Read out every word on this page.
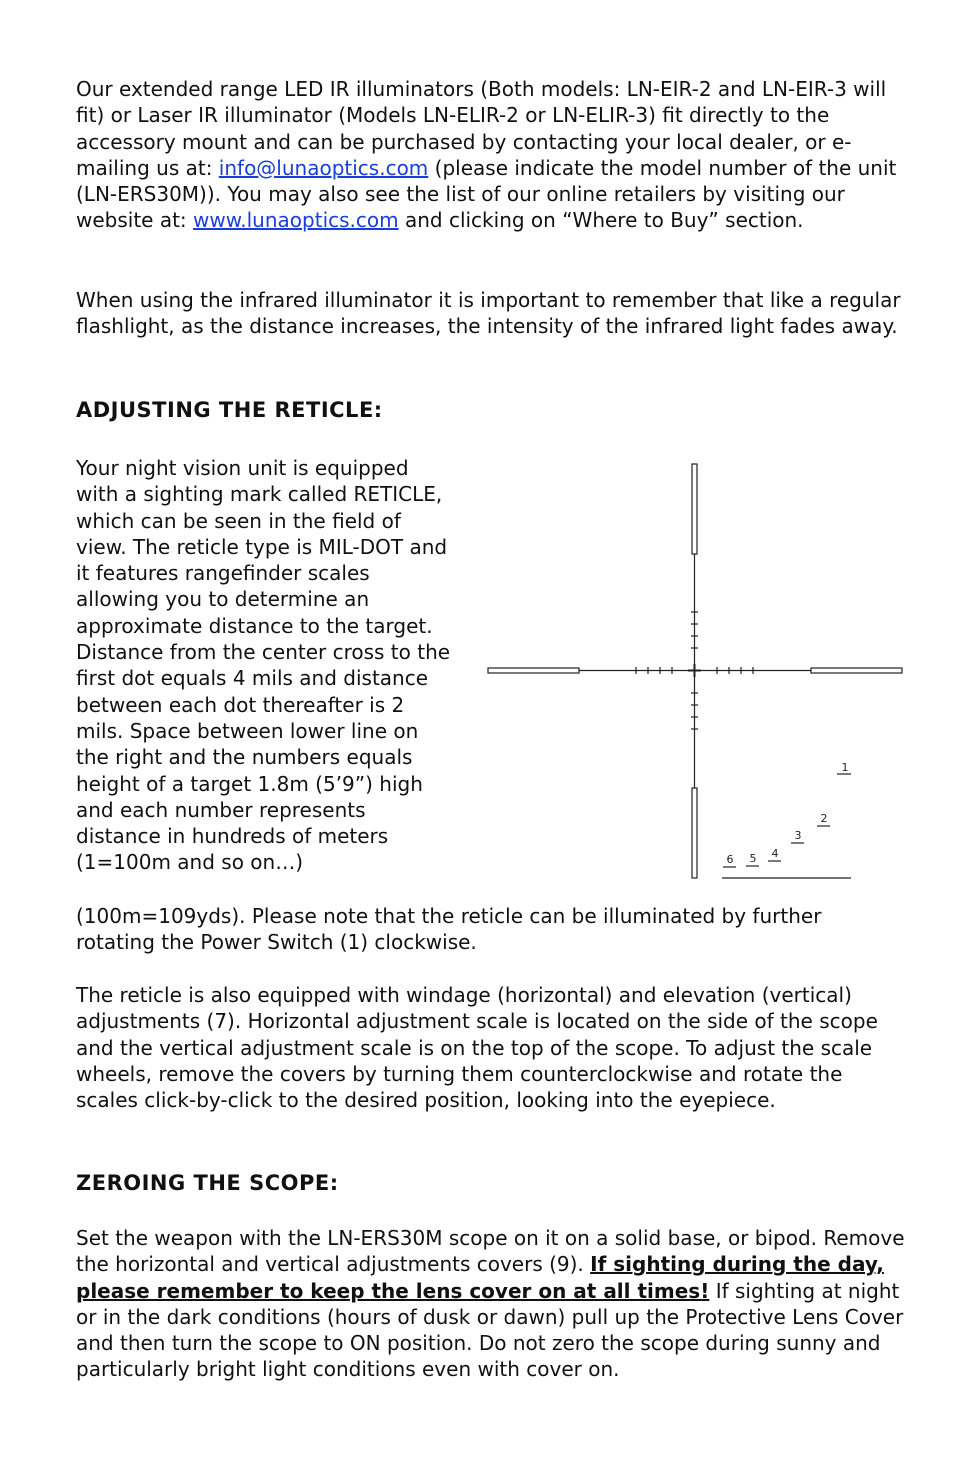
Our extended range LED IR illuminators (Both models: LN-EIR-2 and LN-EIR-3 will fit) or Laser IR illuminator (Models LN-ELIR-2 or LN-ELIR-3) fit directly to the accessory mount and can be purchased by contacting your local dealer, or e-mailing us at: info@lunaoptics.com (please indicate the model number of the unit (LN-ERS30M)). You may also see the list of our online retailers by visiting our website at: www.lunaoptics.com and clicking on “Where to Buy” section.

When using the infrared illuminator it is important to remember that like a regular flashlight, as the distance increases, the intensity of the infrared light fades away.

ADJUSTING THE RETICLE:

Your night vision unit is equipped with a sighting mark called RETICLE, which can be seen in the field of view. The reticle type is MIL-DOT and it features rangefinder scales allowing you to determine an approximate distance to the target. Distance from the center cross to the first dot equals 4 mils and distance between each dot thereafter is 2 mils. Space between lower line on the right and the numbers equals height of a target 1.8m (5’9”) high and each number represents distance in hundreds of meters (1=100m and so on…)

(100m=109yds). Please note that the reticle can be illuminated by further rotating the Power Switch (1) clockwise.

The reticle is also equipped with windage (horizontal) and elevation (vertical) adjustments (7). Horizontal adjustment scale is located on the side of the scope and the vertical adjustment scale is on the top of the scope. To adjust the scale wheels, remove the covers by turning them counterclockwise and rotate the scales click-by-click to the desired position, looking into the eyepiece.

ZEROING THE SCOPE:

Set the weapon with the LN-ERS30M scope on it on a solid base, or bipod. Remove the horizontal and vertical adjustments covers (9). If sighting during the day, please remember to keep the lens cover on at all times! If sighting at night or in the dark conditions (hours of dusk or dawn) pull up the Protective Lens Cover and then turn the scope to ON position. Do not zero the scope during sunny and particularly bright light conditions even with cover on.

1
2
3
4
5
6
